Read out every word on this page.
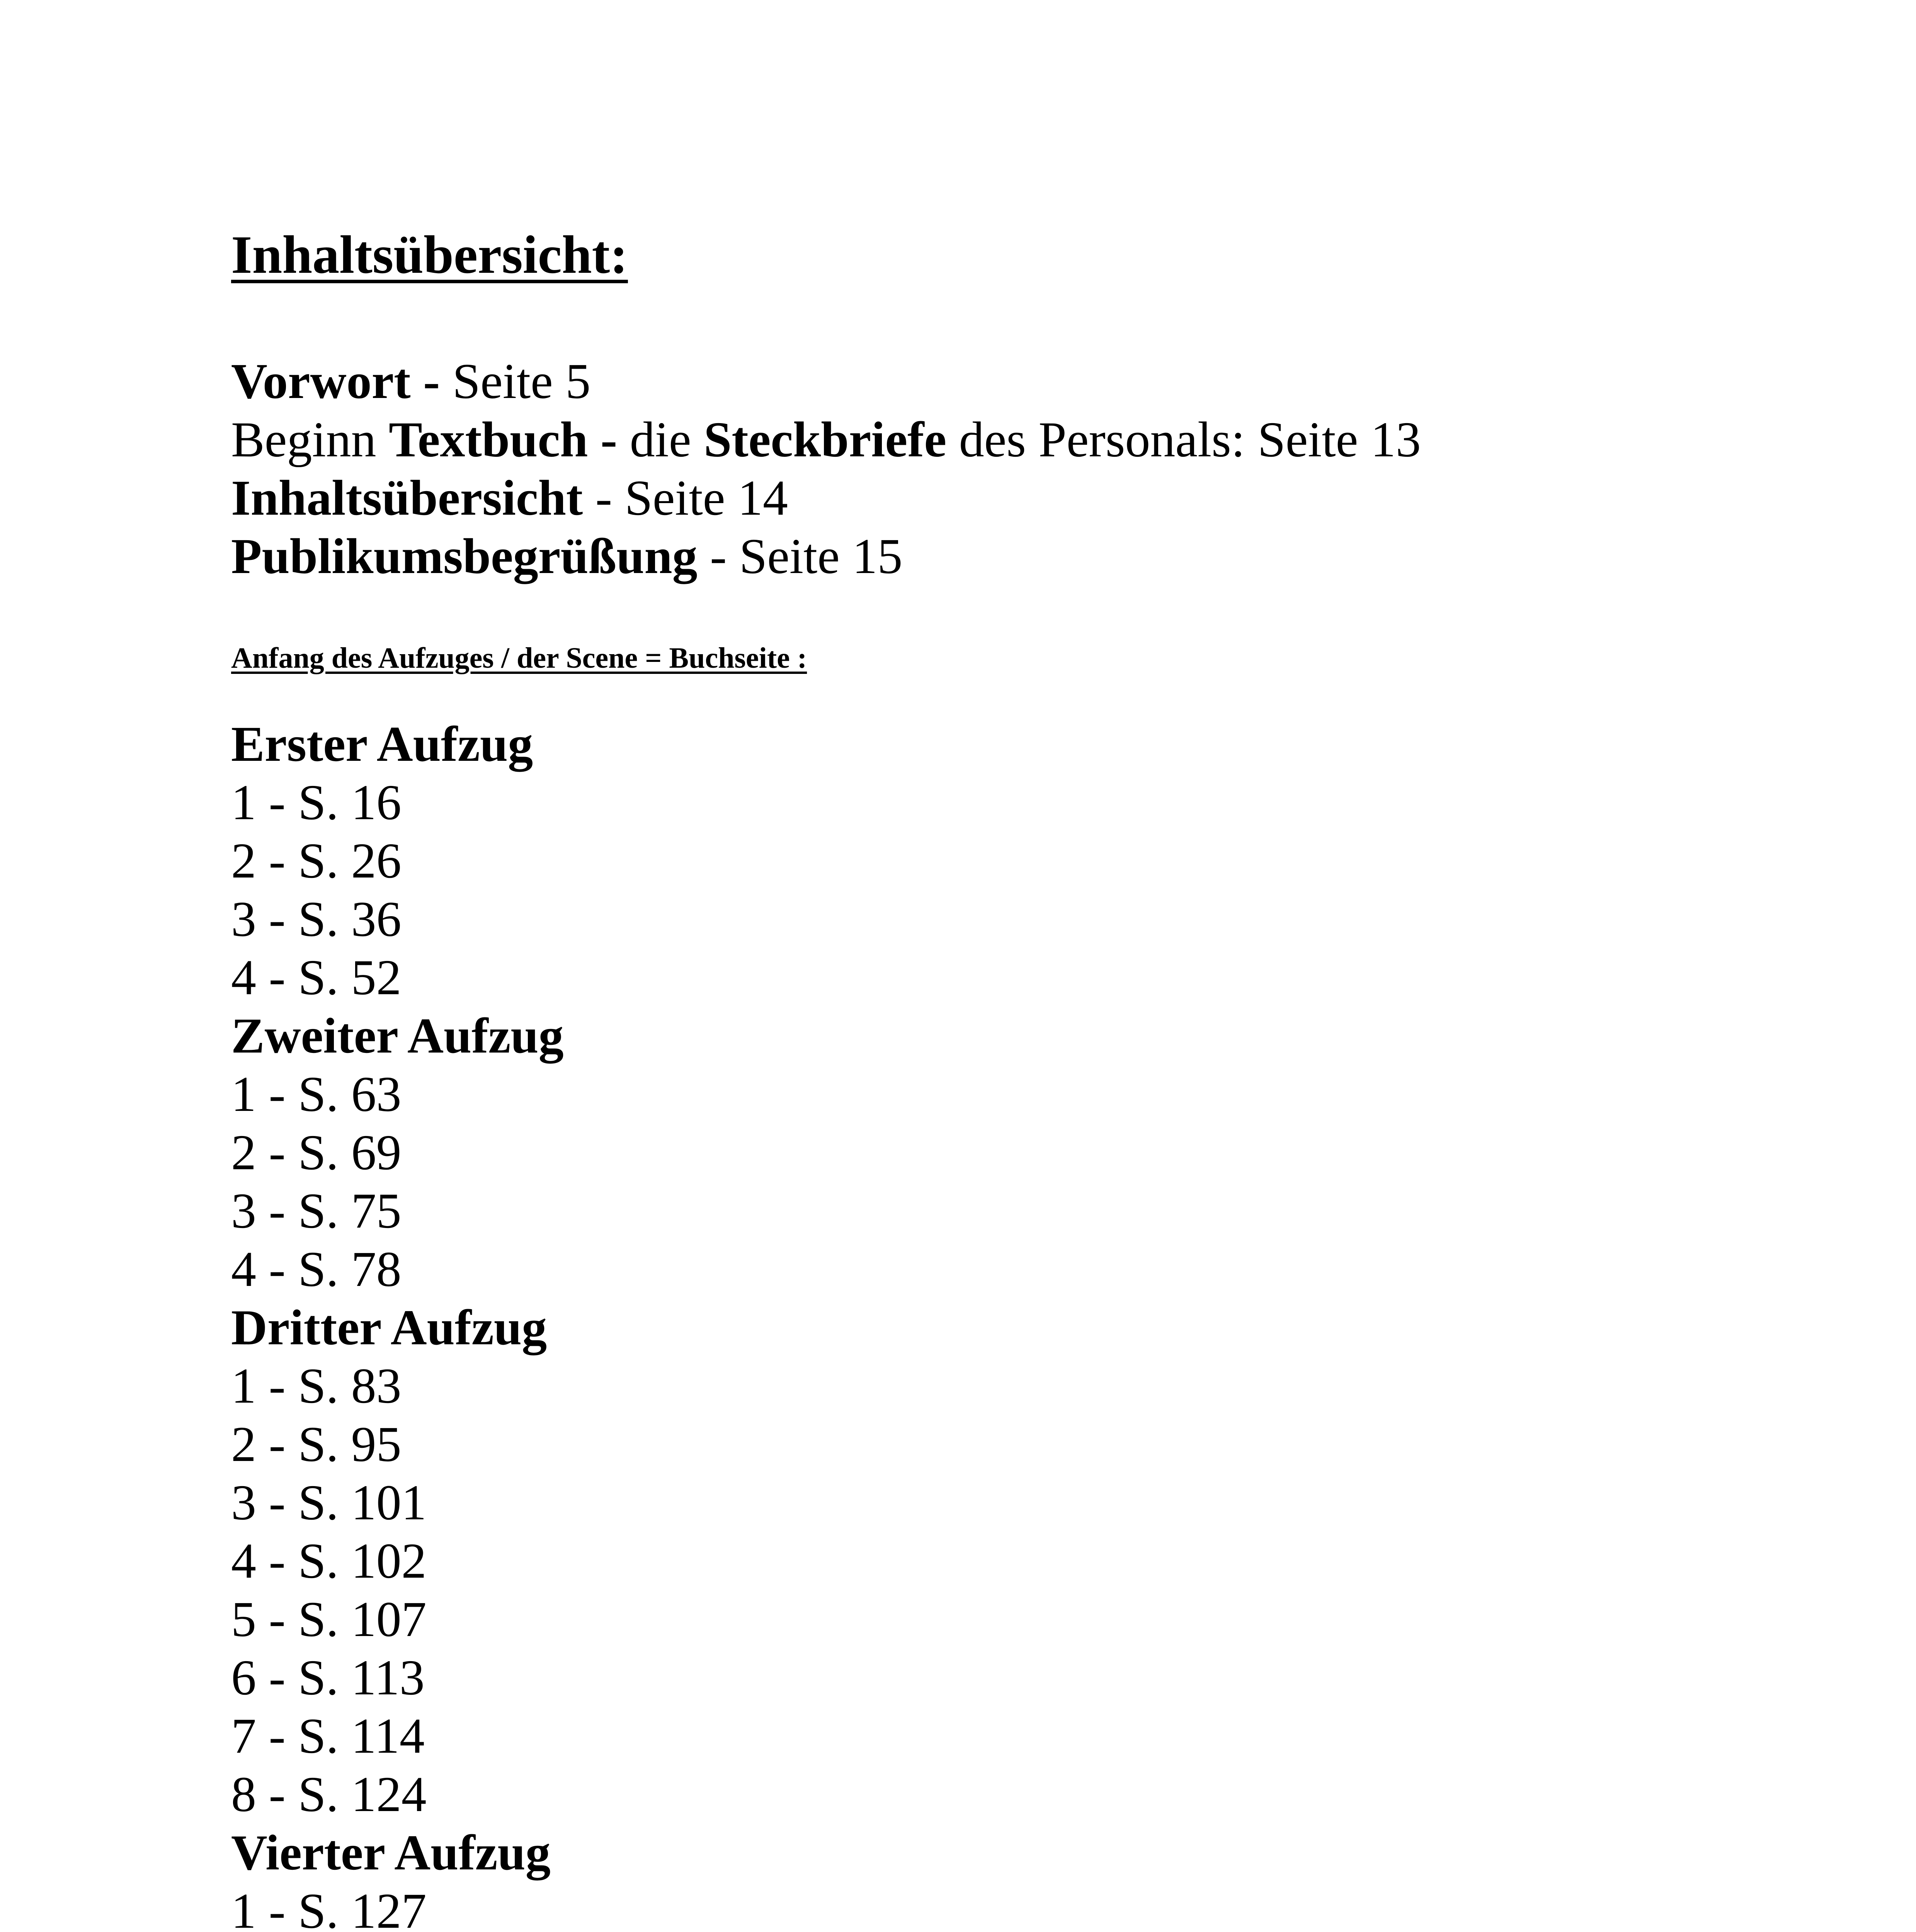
Inhaltsübersicht:
Vorwort - Seite 5
Beginn Textbuch - die Steckbriefe des Personals: Seite 13
Inhaltsübersicht - Seite 14
Publikumsbegrüßung - Seite 15
Anfang des Aufzuges / der Scene = Buchseite :
Erster Aufzug
1 - S. 16
2 - S. 26
3 - S. 36
4 - S. 52
Zweiter Aufzug
1 - S. 63
2 - S. 69
3 - S. 75
4 - S. 78
Dritter Aufzug
1 - S. 83
2 - S. 95
3 - S. 101
4 - S. 102
5 - S. 107
6 - S. 113
7 - S. 114
8 - S. 124
Vierter Aufzug
1 - S. 127
